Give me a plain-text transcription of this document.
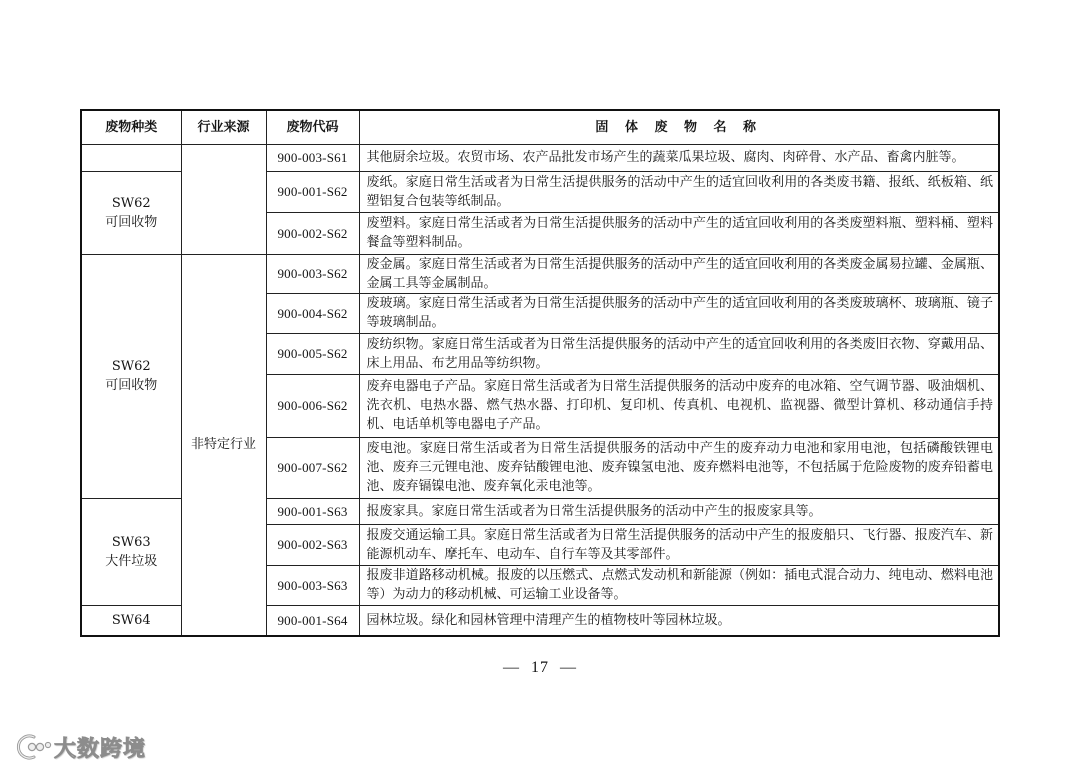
废物种类	行业来源	废物代码	固 体 废 物 名 称
		900-003-S61	其他厨余垃圾。农贸市场、农产品批发市场产生的蔬菜瓜果垃圾、腐肉、肉碎骨、水产品、畜禽内脏等。

SW62
可回收物		900-001-S62	废纸。家庭日常生活或者为日常生活提供服务的活动中产生的适宜回收利用的各类废书籍、报纸、纸板箱、纸塑铝复合包装等纸制品。
		900-002-S62	废塑料。家庭日常生活或者为日常生活提供服务的活动中产生的适宜回收利用的各类废塑料瓶、塑料桶、塑料餐盒等塑料制品。

SW62
可回收物	非特定行业	900-003-S62	废金属。家庭日常生活或者为日常生活提供服务的活动中产生的适宜回收利用的各类废金属易拉罐、金属瓶、金属工具等金属制品。
		900-004-S62	废玻璃。家庭日常生活或者为日常生活提供服务的活动中产生的适宜回收利用的各类废玻璃杯、玻璃瓶、镜子等玻璃制品。
		900-005-S62	废纺织物。家庭日常生活或者为日常生活提供服务的活动中产生的适宜回收利用的各类废旧衣物、穿戴用品、床上用品、布艺用品等纺织物。
		900-006-S62	废弃电器电子产品。家庭日常生活或者为日常生活提供服务的活动中废弃的电冰箱、空气调节器、吸油烟机、洗衣机、电热水器、燃气热水器、打印机、复印机、传真机、电视机、监视器、微型计算机、移动通信手持机、电话单机等电器电子产品。
		900-007-S62	废电池。家庭日常生活或者为日常生活提供服务的活动中产生的废弃动力电池和家用电池，包括磷酸铁锂电池、废弃三元锂电池、废弃钴酸锂电池、废弃镍氢电池、废弃燃料电池等，不包括属于危险废物的废弃铅蓄电池、废弃镉镍电池、废弃氧化汞电池等。

SW63
大件垃圾		900-001-S63	报废家具。家庭日常生活或者为日常生活提供服务的活动中产生的报废家具等。
		900-002-S63	报废交通运输工具。家庭日常生活或者为日常生活提供服务的活动中产生的报废船只、飞行器、报废汽车、新能源机动车、摩托车、电动车、自行车等及其零部件。
		900-003-S63	报废非道路移动机械。报废的以压燃式、点燃式发动机和新能源（例如：插电式混合动力、纯电动、燃料电池等）为动力的移动机械、可运输工业设备等。

SW64		900-001-S64	园林垃圾。绿化和园林管理中清理产生的植物枝叶等园林垃圾。
— 17 —
大数跨境
